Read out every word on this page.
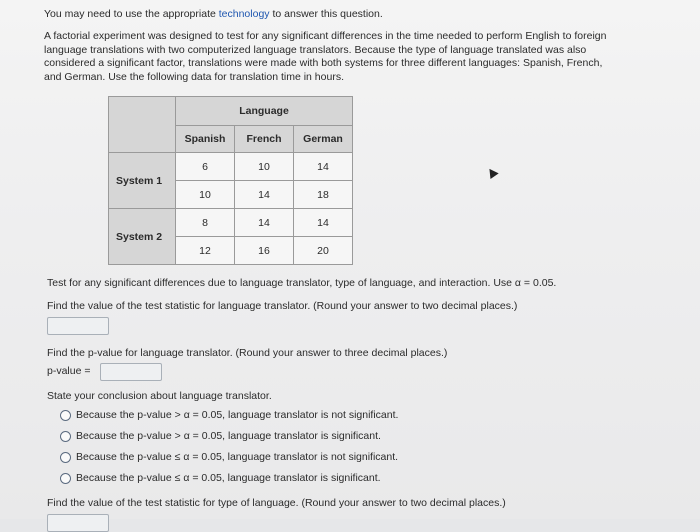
You may need to use the appropriate technology to answer this question.

A factorial experiment was designed to test for any significant differences in the time needed to perform English to foreign

language translations with two computerized language translators. Because the type of language translated was also

considered a significant factor, translations were made with both systems for three different languages: Spanish, French,

and German. Use the following data for translation time in hours.

	Language		
	Spanish	French	German
System 1	6	10	14
	10	14	18
System 2	8	14	14
	12	16	20
Test for any significant differences due to language translator, type of language, and interaction. Use α = 0.05.
Find the value of the test statistic for language translator. (Round your answer to two decimal places.)
Find the p-value for language translator. (Round your answer to three decimal places.)
p-value =
State your conclusion about language translator.
Because the p-value > α = 0.05, language translator is not significant.
Because the p-value > α = 0.05, language translator is significant.
Because the p-value ≤ α = 0.05, language translator is not significant.
Because the p-value ≤ α = 0.05, language translator is significant.
Find the value of the test statistic for type of language. (Round your answer to two decimal places.)
